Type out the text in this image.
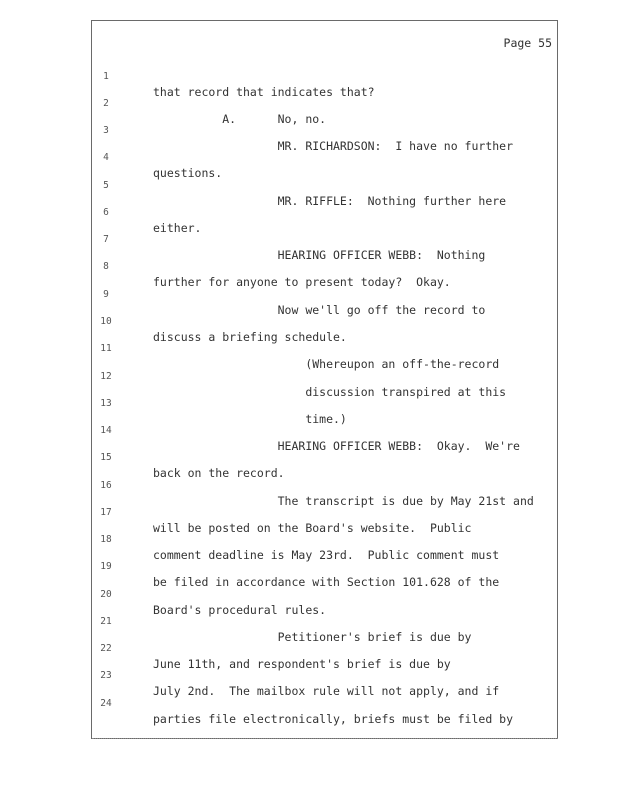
Page 55

1

that record that indicates that?

2

A.      No, no.

3

MR. RICHARDSON:  I have no further

4

questions.

5

MR. RIFFLE:  Nothing further here

6

either.

7

HEARING OFFICER WEBB:  Nothing

8

further for anyone to present today?  Okay.

9

Now we'll go off the record to

10

discuss a briefing schedule.

11

(Whereupon an off-the-record

12

discussion transpired at this

13

time.)

14

HEARING OFFICER WEBB:  Okay.  We're

15

back on the record.

16

The transcript is due by May 21st and

17

will be posted on the Board's website.  Public

18

comment deadline is May 23rd.  Public comment must

19

be filed in accordance with Section 101.628 of the

20

Board's procedural rules.

21

Petitioner's brief is due by

22

June 11th, and respondent's brief is due by

23

July 2nd.  The mailbox rule will not apply, and if

24

parties file electronically, briefs must be filed by
